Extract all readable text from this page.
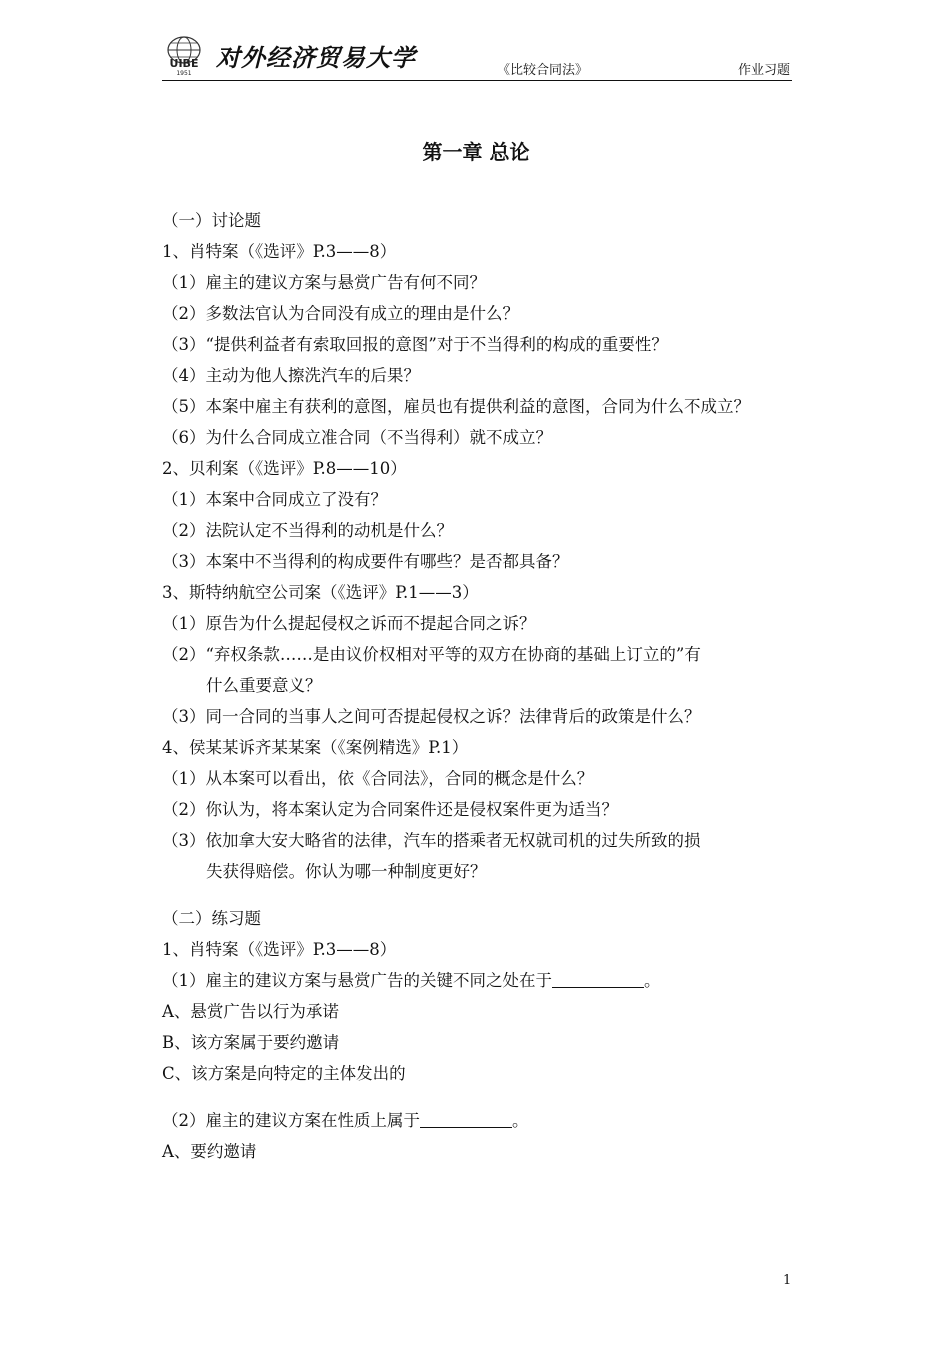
UIBE
1951
对外经济贸易大学	《比较合同法》	作业习题
第一章 总论
（一）讨论题
1、肖特案（《选评》P.3——8）
（1）雇主的建议方案与悬赏广告有何不同？
（2）多数法官认为合同没有成立的理由是什么？
（3）“提供利益者有索取回报的意图”对于不当得利的构成的重要性？
（4）主动为他人擦洗汽车的后果？
（5）本案中雇主有获利的意图，雇员也有提供利益的意图，合同为什么不成立？
（6）为什么合同成立准合同（不当得利）就不成立？
2、贝利案（《选评》P.8——10）
（1）本案中合同成立了没有？
（2）法院认定不当得利的动机是什么？
（3）本案中不当得利的构成要件有哪些？是否都具备？
3、斯特纳航空公司案（《选评》P.1——3）
（1）原告为什么提起侵权之诉而不提起合同之诉？
（2）“弃权条款……是由议价权相对平等的双方在协商的基础上订立的”有
什么重要意义？
（3）同一合同的当事人之间可否提起侵权之诉？法律背后的政策是什么？
4、侯某某诉齐某某案（《案例精选》P.1）
（1）从本案可以看出，依《合同法》，合同的概念是什么？
（2）你认为，将本案认定为合同案件还是侵权案件更为适当？
（3）依加拿大安大略省的法律，汽车的搭乘者无权就司机的过失所致的损
失获得赔偿。你认为哪一种制度更好？
（二）练习题
1、肖特案（《选评》P.3——8）
（1）雇主的建议方案与悬赏广告的关键不同之处在于	。
A、悬赏广告以行为承诺
B、该方案属于要约邀请
C、该方案是向特定的主体发出的
（2）雇主的建议方案在性质上属于	。
A、要约邀请
1
